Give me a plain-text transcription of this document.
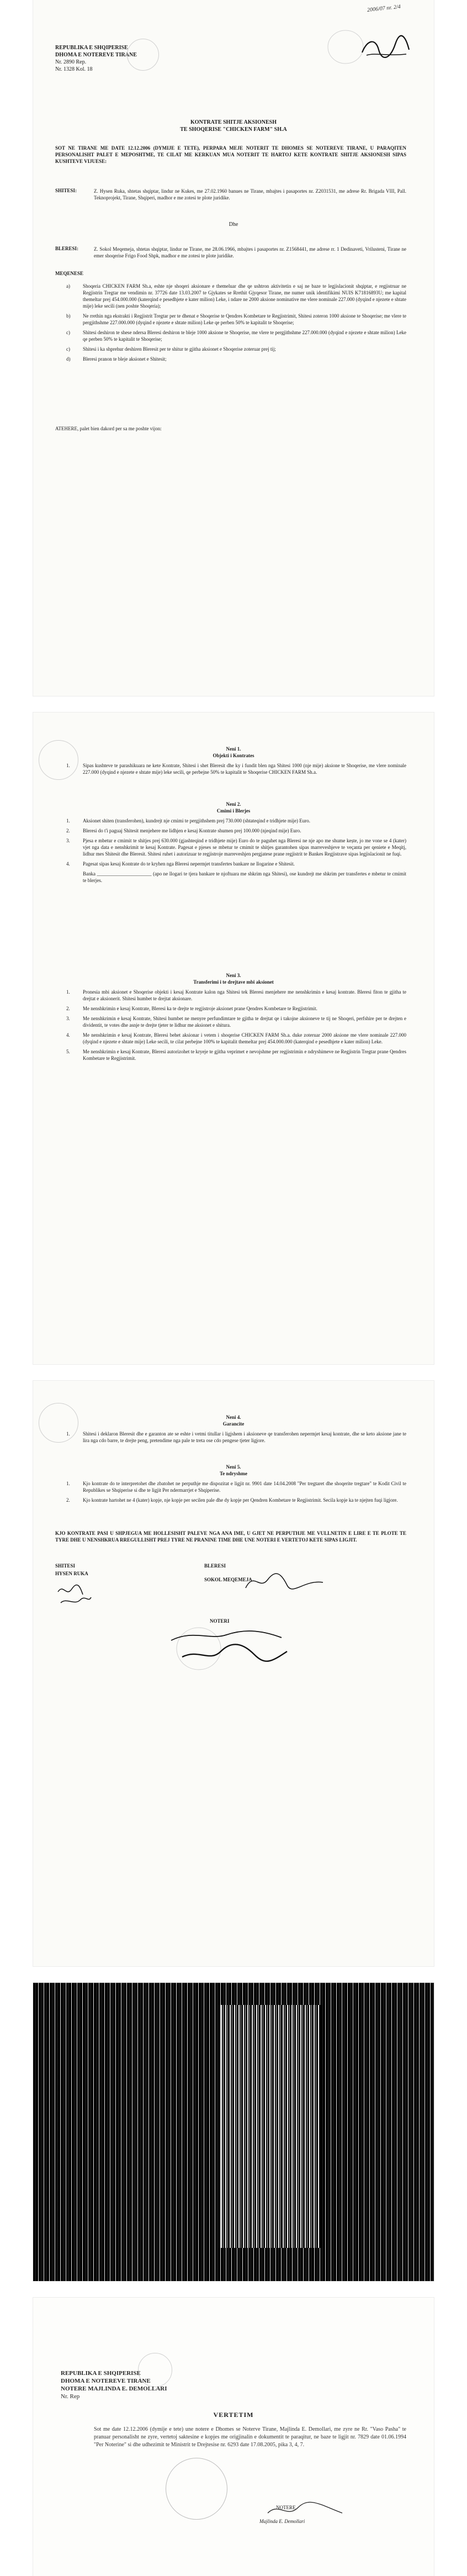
2006/07 nr. 2/4
REPUBLIKA E SHQIPERISE
DHOMA E NOTEREVE TIRANE
Nr. 2890 Rep.
Nr. 1328 Kol. 18
KONTRATE SHITJE AKSIONESH
TE SHOQERISE "CHICKEN FARM" SH.A
SOT NE TIRANE ME DATE 12.12.2006 (DYMIJE E TETE), PERPARA MEJE NOTERIT TE DHOMES SE NOTEREVE TIRANE, U PARAQITEN PERSONALISHT PALET E MEPOSHTME, TE CILAT ME KERKUAN MUA NOTERIT TE HARTOJ KETE KONTRATE SHITJE AKSIONESH SIPAS KUSHTEVE VIJUESE:
SHITESI:	Z. Hysen Ruka, shtetas shqiptar, lindur ne Kukes, me 27.02.1960 banues ne Tirane, mbajtes i pasaportes nr. Z2031531, me adrese Rr. Brigada VIII, Pall. Teknoprojekt, Tirane, Shqiperi, madhor e me zotesi te plote juridike.
Dhe
BLERESI:	Z. Sokol Meqemeja, shtetas shqiptar, lindur ne Tirane, me 28.06.1966, mbajtes i pasaportes nr. Z1568441, me adrese rr. 1 Dedinaveti, Vrilusteni, Tirane ne emer shoqerise Frigo Food Shpk, madhor e me zotesi te plote juridike.
MEQENESE
a)	Shoqeria CHICKEN FARM Sh.a, eshte nje shoqeri aksionare e themeluar dhe qe ushtron aktivitetin e saj ne baze te legjislacionit shqiptar, e regjistruar ne Regjistrin Tregtar me vendimin nr. 37726 date 13.03.2007 te Gjykates se Rrethit Gjyqesor Tirane, me numer unik identifikimi NUIS K71816893U; me kapital themeltar prej 454.000.000 (katerqind e pesedhjete e kater milion) Leke, i ndare ne 2000 aksione nominative me vlere nominale 227.000 (dyqind e njezete e shtate mije) leke secili (nen poshte Shoqeria);
b)	Ne rrethin nga ekstrakti i Regjistrit Tregtar per te dhenat e Shoqerise te Qendres Kombetare te Regjistrimit, Shitesi zoteron 1000 aksione te Shoqerise; me vlere te pergjithshme 227.000.000 (dyqind e njezete e shtate milion) Leke qe perben 50% te kapitalit te Shoqerise;
c)	Shitesi deshiron te shese ndersa Bleresi deshiron te bleje 1000 aksione te Shoqerise, me vlere te pergjithshme 227.000.000 (dyqind e njezete e shtate milion) Leke qe perben 50% te kapitalit te Shoqerise;
c)	Shitesi i ka shprehur deshiren Bleresit per te shitur te gjitha aksionet e Shoqerise zoteruar prej tij;
d)	Bleresi pranon te bleje aksionet e Shitesit;
ATEHERE, palet bien dakord per sa me poshte vijon:
Neni 1.
Objekti i Kontrates
1.	Sipas kushteve te parashikuara ne kete Kontrate, Shitesi i shet Bleresit dhe ky i fundit blen nga Shitesi 1000 (nje mije) aksione te Shoqerise, me vlere nominale 227.000 (dyqind e njezete e shtate mije) leke secili, qe perbejne 50% te kapitalit te Shoqerise CHICKEN FARM Sh.a.
Neni 2.
Cmimi i Blerjes
1.	Aksionet shiten (transferohen), kundrejt nje cmimi te pergjithshem prej 730.000 (shtateqind e tridhjete mije) Euro.
2.	Bleresi do t'i paguaj Shitesit menjehere me lidhjen e kesaj Kontrate shumen prej 100.000 (njeqind mije) Euro.
3.	Pjesa e mbetur e cmimit te shitjes prej 630.000 (gjashteqind e tridhjete mije) Euro do te paguhet nga Bleresi ne nje apo me shume kește, jo me vone se 4 (kater) vjet nga data e nenshkrimit te kesaj Kontrate. Pagesat e pjeses se mbetur te cmimit te shitjes garantohen sipas marreveshjeve te veçanta per qeniete e Meqitj, lidhur mes Shitesit dhe Bleresit. Shitesi ruhet i autorizuar te regjistroje marreveshjen pergjatese prane regjistrit te Bankes Regjistrave sipas legjislacionit ne fuqi.
4.	Pagesat sipas kesaj Kontrate do te kryhen nga Bleresi nepermjet transfertes bankare ne llogarine e Shitesit.
Banka ______________________ (apo ne llogari te tjera bankare te njoftuara me shkrim nga Shitesi), ose kundrejt me shkrim per transfertes e mbetur te cmimit te blerjes.
Neni 3.
Transferimi i te drejtave mbi aksionet
1.	Pronesia mbi aksionet e Shoqerise objekti i kesaj Kontrate kalon nga Shitesi tek Bleresi menjehere me nenshkrimin e kesaj kontrate. Bleresi fiton te gjitha te drejtat e aksionerit. Shitesi humbet te drejtat aksionare.
2.	Me nenshkrimin e kesaj Kontrate, Bleresi ka te drejte te regjistroje aksionet prane Qendres Kombetare te Regjistrimit.
3.	Me nenshkrimin e kesaj Kontrate, Shitesi humbet ne menyre perfundimtare te gjitha te drejtat qe i takojne aksioneve te tij ne Shoqeri, perfshire per te drejten e dividentit, te votes dhe asnje te drejte tjeter te lidhur me aksionet e shitura.
4.	Me nenshkrimin e kesaj Kontrate, Bleresi behet aksionar i vetem i shoqerise CHICKEN FARM Sh.a. duke zoteruar 2000 aksione me vlere nominale 227.000 (dyqind e njezete e shtate mije) Leke secili, te cilat perbejne 100% te kapitalit themeltar prej 454.000.000 (katerqind e pesedhjete e kater milion) Leke.
5.	Me nenshkrimin e kesaj Kontrate, Bleresi autorizohet te kryeje te gjitha veprimet e nevojshme per regjistrimin e ndryshimeve ne Regjistrin Tregtar prane Qendres Kombetare te Regjistrimit.
Neni 4.
Garancite
1.	Shitesi i deklaron Bleresit dhe e garanton ate se eshte i vetmi titullar i ligjshem i aksioneve qe transferohen nepermjet kesaj kontrate, dhe se keto aksione jane te lira nga cdo barre, te drejte peng, pretendime nga pale te treta ose cdo pengese tjeter ligjore.
Neni 5.
Te ndryshme
1.	Kjo kontrate do te interpretohet dhe zbatohet ne perputhje me dispozitat e ligjit nr. 9901 date 14.04.2008 "Per tregtaret dhe shoqerite tregtare" te Kodit Civil te Republikes se Shqiperise si dhe te ligjit Per ndermarrjet e Shqiperise.
2.	Kjo kontrate hartohet ne 4 (kater) kopje, nje kopje per secilen pale dhe dy kopje per Qendren Kombetare te Regjistrimit. Secila kopje ka te njejten fuqi ligjore.
KJO KONTRATE PASI U SHPJEGUA ME HOLLESISHT PALEVE NGA ANA IME, U GJET NE PERPUTHJE ME VULLNETIN E LIRE E TE PLOTE TE TYRE DHE U NENSHKRUA RREGULLISHT PREJ TYRE NE PRANINE TIME DHE UNE NOTERI E VERTETOJ KETE SIPAS LIGJIT.
SHITESI
HYSEN RUKA
BLERESI
SOKOL MEQEMEJA
NOTERI
REPUBLIKA E SHQIPERISE
DHOMA E NOTEREVE TIRANE
NOTERE MAJLINDA E. DEMOLLARI
Nr. Rep
VERTETIM
Sot me date 12.12.2006 (dymije e tete) une notere e Dhomes se Noterve Tirane, Majlinda E. Demollari, me zyre ne Rr. "Vaso Pasha" te pranuar personalisht ne zyre, vertetoj saktesine e kopjes me origjinalin e dokumentit te paraqitur, ne baze te ligjit nr. 7829 date 01.06.1994 "Per Noterine" si dhe udhezimit te Ministrit te Drejtesise nr. 6293 date 17.08.2005, pika 3, 4, 7.
NOTERE
Majlinda E. Demollari
